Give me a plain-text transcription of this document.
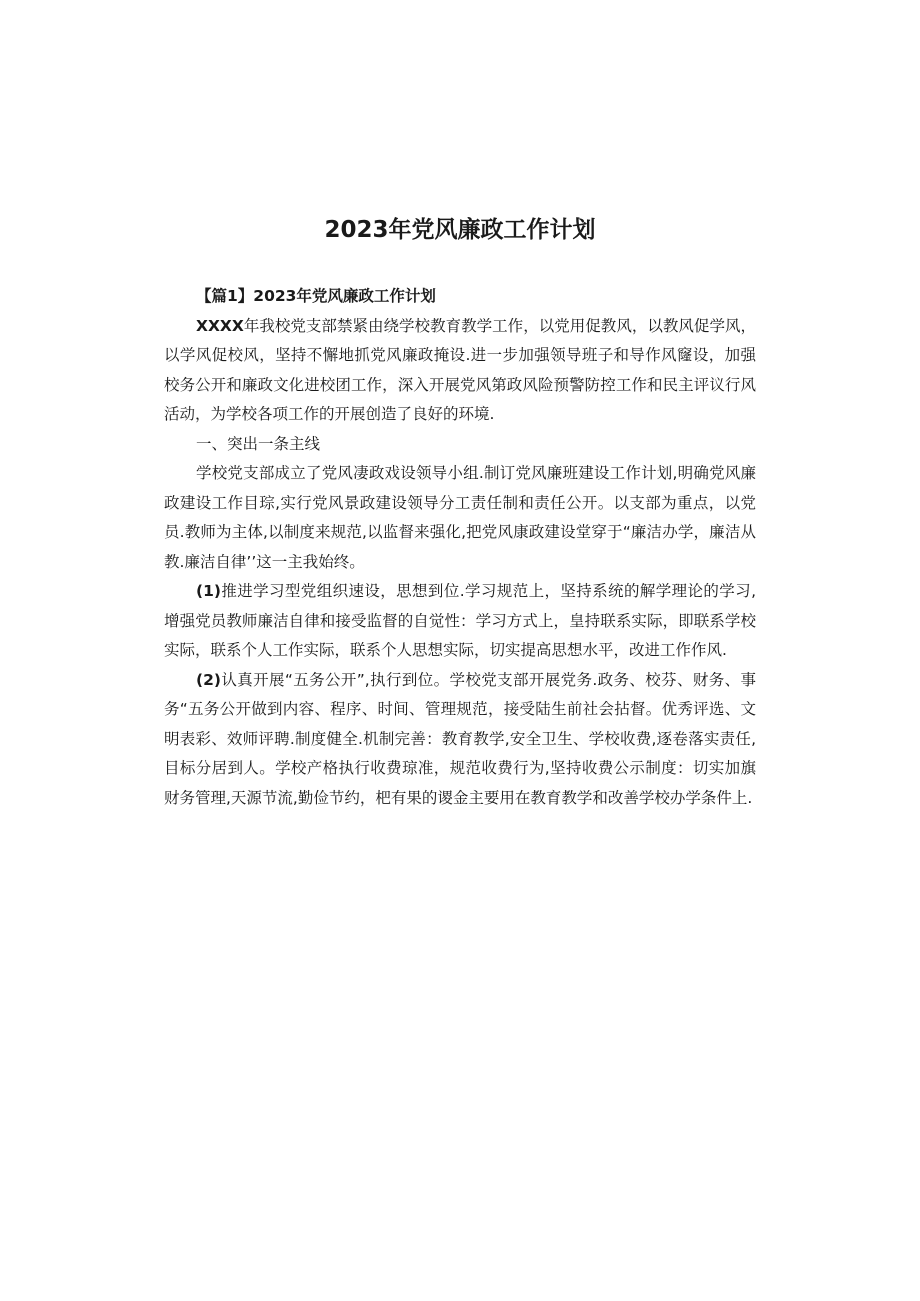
2023年党风廉政工作计划

【篇1】2023年党风廉政工作计划

XXXX年我校党支部禁紧由绕学校教育教学工作，以党用促教风，以教风促学风，以学风促校风，坚持不懈地抓党风廉政掩设.进一步加强领导班子和导作风窿设，加强校务公开和廉政文化进校团工作，深入开展党风第政风险预警防控工作和民主评议行风活动，为学校各项工作的开展创造了良好的环境.

一、突出一条主线

学校党支部成立了党风凄政戏设领导小组.制订党风廉班建设工作计划,明确党风廉政建设工作目琮,实行党风景政建设领导分工责任制和责任公开。以支部为重点，以党员.教师为主体,以制度来规范,以监督来强化,把党风康政建设堂穿于“廉洁办学，廉洁从教.廉洁自律’’这一主我始终。

(1)推进学习型党组织速设，思想到位.学习规范上，坚持系统的解学理论的学习,增强党员教师廉洁自律和接受监督的自觉性：学习方式上，皇持联系实际，即联系学校实际，联系个人工作实际，联系个人思想实际，切实提高思想水平，改进工作作风.

(2)认真开展“五务公开”,执行到位。学校党支部开展党务.政务、校芬、财务、事务“五务公开做到内容、程序、时间、管理规范，接受陆生前社会拈督。优秀评选、文明表彩、效师评聘.制度健全.机制完善：教育教学,安全卫生、学校收费,逐卷落实责任,目标分居到人。学校产格执行收费琼准，规范收费行为,坚持收费公示制度：切实加旗财务管理,天源节流,勤俭节约，杷有果的谡金主要用在教育教学和改善学校办学条件上.
